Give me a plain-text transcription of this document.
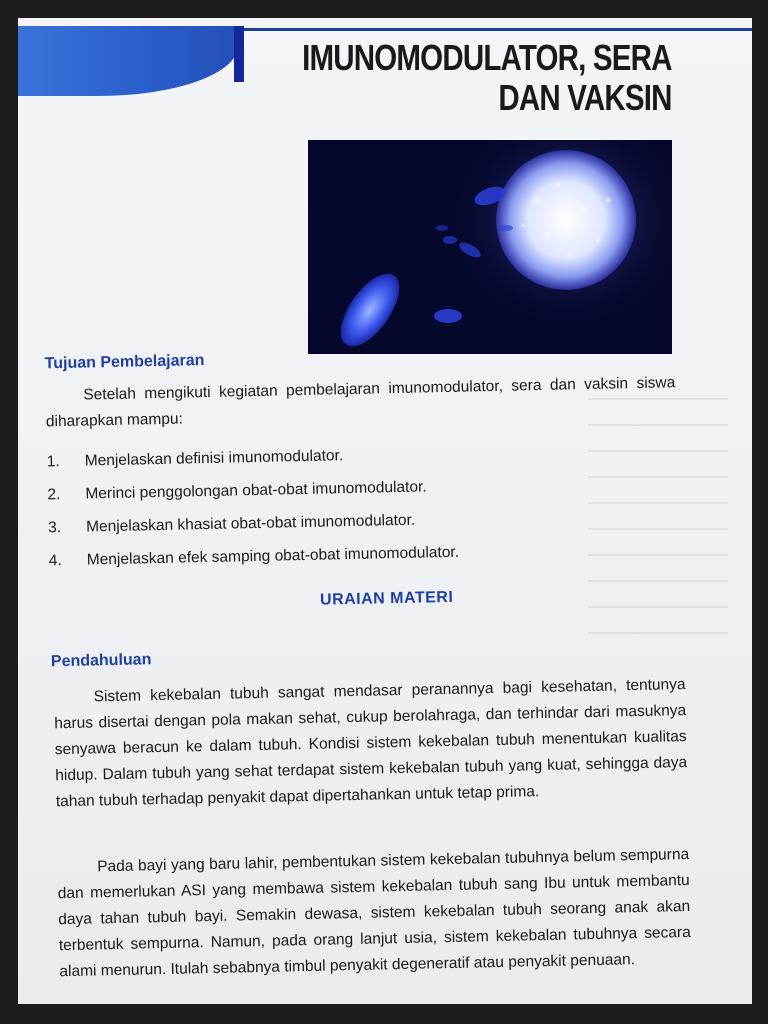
IMUNOMODULATOR, SERA
DAN VAKSIN
Tujuan Pembelajaran
Setelah mengikuti kegiatan pembelajaran imunomodulator, sera dan vaksin siswa diharapkan mampu:
1. Menjelaskan definisi imunomodulator.
2. Merinci penggolongan obat-obat imunomodulator.
3. Menjelaskan khasiat obat-obat imunomodulator.
4. Menjelaskan efek samping obat-obat imunomodulator.
URAIAN MATERI
Pendahuluan
Sistem kekebalan tubuh sangat mendasar peranannya bagi kesehatan, tentunya harus disertai dengan pola makan sehat, cukup berolahraga, dan terhindar dari masuknya senyawa beracun ke dalam tubuh. Kondisi sistem kekebalan tubuh menentukan kualitas hidup. Dalam tubuh yang sehat terdapat sistem kekebalan tubuh yang kuat, sehingga daya tahan tubuh terhadap penyakit dapat dipertahankan untuk tetap prima.
Pada bayi yang baru lahir, pembentukan sistem kekebalan tubuhnya belum sempurna dan memerlukan ASI yang membawa sistem kekebalan tubuh sang Ibu untuk membantu daya tahan tubuh bayi. Semakin dewasa, sistem kekebalan tubuh seorang anak akan terbentuk sempurna. Namun, pada orang lanjut usia, sistem kekebalan tubuhnya secara alami menurun. Itulah sebabnya timbul penyakit degeneratif atau penyakit penuaan.
